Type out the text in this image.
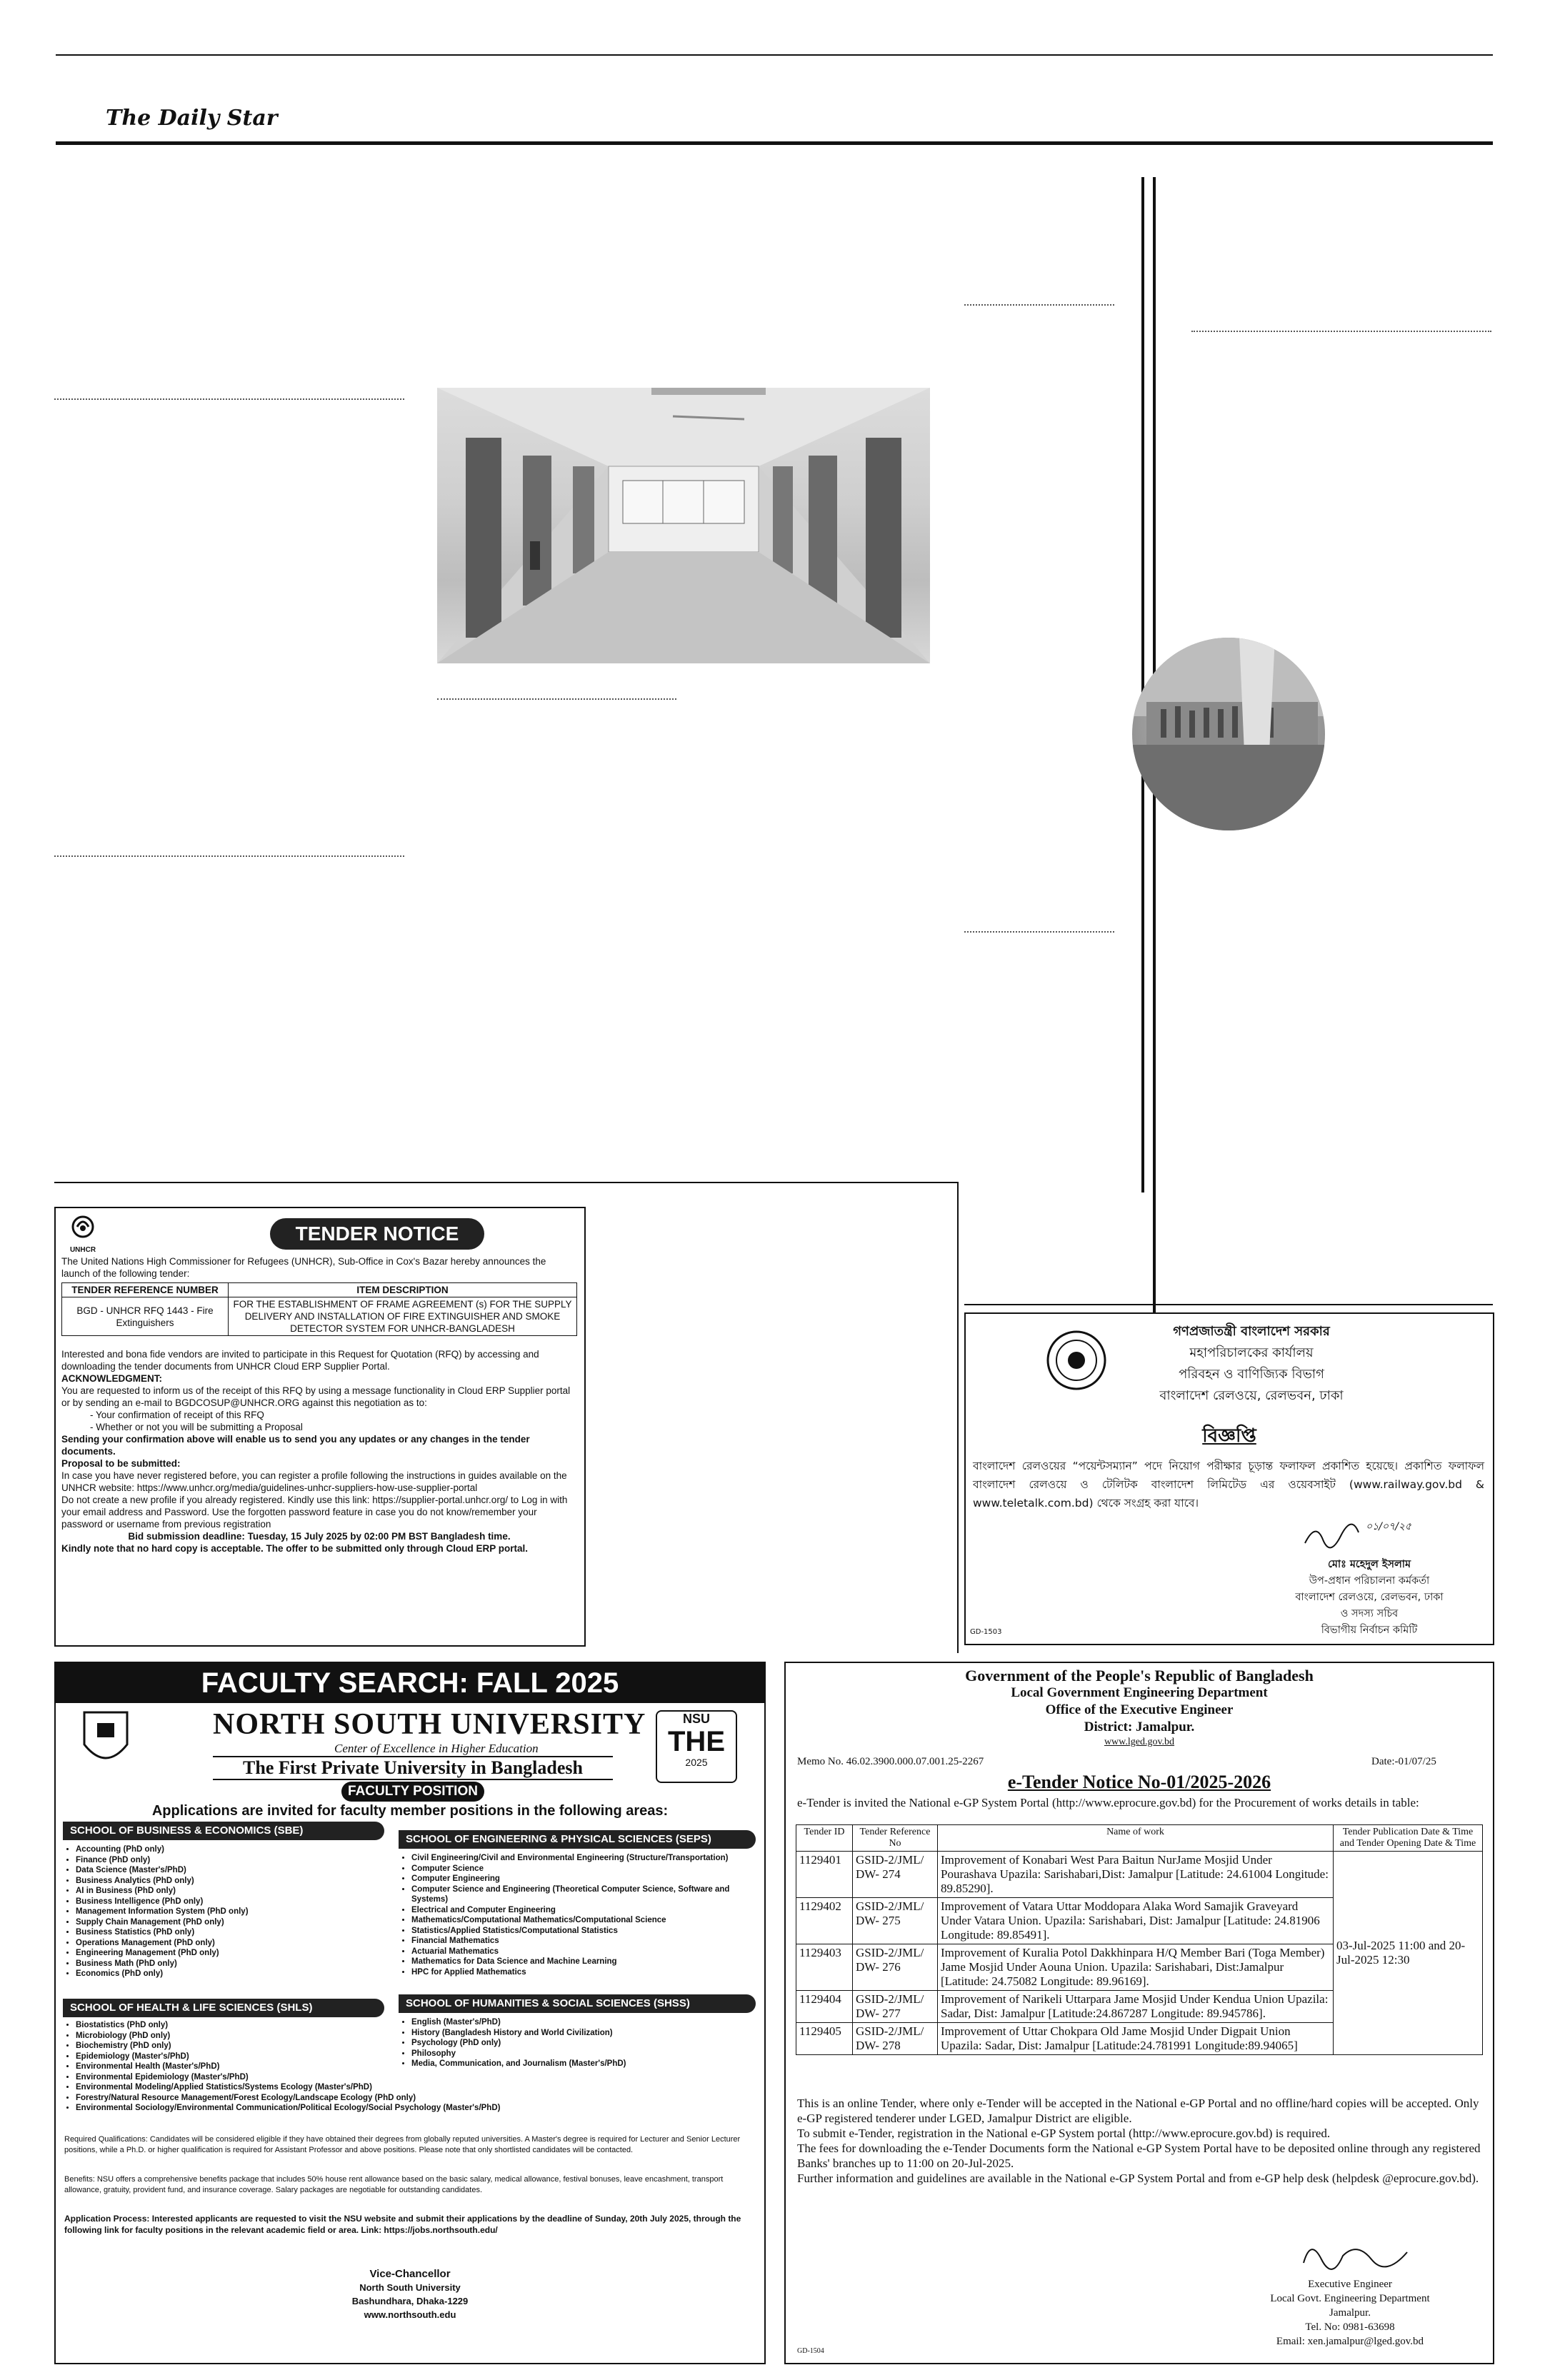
The Daily Star
UNHCR
TENDER NOTICE
The United Nations High Commissioner for Refugees (UNHCR), Sub-Office in Cox's Bazar hereby announces the launch of the following tender:
TENDER REFERENCE NUMBER	ITEM DESCRIPTION
BGD - UNHCR RFQ 1443 - Fire Extinguishers	FOR THE ESTABLISHMENT OF FRAME AGREEMENT (s) FOR THE SUPPLY DELIVERY AND INSTALLATION OF FIRE EXTINGUISHER AND SMOKE DETECTOR SYSTEM FOR UNHCR-BANGLADESH
Interested and bona fide vendors are invited to participate in this Request for Quotation (RFQ) by accessing and downloading the tender documents from UNHCR Cloud ERP Supplier Portal.
ACKNOWLEDGMENT:
You are requested to inform us of the receipt of this RFQ by using a message functionality in Cloud ERP Supplier portal or by sending an e-mail to BGDCOSUP@UNHCR.ORG against this negotiation as to:
- Your confirmation of receipt of this RFQ
- Whether or not you will be submitting a Proposal
Sending your confirmation above will enable us to send you any updates or any changes in the tender documents.
Proposal to be submitted:
In case you have never registered before, you can register a profile following the instructions in guides available on the UNHCR website: https://www.unhcr.org/media/guidelines-unhcr-suppliers-how-use-supplier-portal
Do not create a new profile if you already registered. Kindly use this link: https://supplier-portal.unhcr.org/ to Log in with your email address and Password. Use the forgotten password feature in case you do not know/remember your password or username from previous registration
Bid submission deadline: Tuesday, 15 July 2025 by 02:00 PM BST Bangladesh time.
Kindly note that no hard copy is acceptable. The offer to be submitted only through Cloud ERP portal.
গণপ্রজাতন্ত্রী বাংলাদেশ সরকার
মহাপরিচালকের কার্যালয়
পরিবহন ও বাণিজ্যিক বিভাগ
বাংলাদেশ রেলওয়ে, রেলভবন, ঢাকা
বিজ্ঞপ্তি
বাংলাদেশ রেলওয়ের “পয়েন্টসম্যান” পদে নিয়োগ পরীক্ষার চূড়ান্ত ফলাফল প্রকাশিত হয়েছে। প্রকাশিত ফলাফল বাংলাদেশ রেলওয়ে ও টেলিটক বাংলাদেশ লিমিটেড এর ওয়েবসাইট (www.railway.gov.bd & www.teletalk.com.bd) থেকে সংগ্রহ করা যাবে।
০১/০৭/২৫
মোঃ মহেদুল ইসলাম
উপ-প্রধান পরিচালনা কর্মকর্তা
বাংলাদেশ রেলওয়ে, রেলভবন, ঢাকা
ও সদস্য সচিব
বিভাগীয় নির্বাচন কমিটি
GD-1503
FACULTY SEARCH: FALL 2025
NORTH SOUTH UNIVERSITY
Center of Excellence in Higher Education
The First Private University in Bangladesh
NSU
THE
2025
FACULTY POSITION
Applications are invited for faculty member positions in the following areas:
SCHOOL OF BUSINESS & ECONOMICS (SBE)
• Accounting (PhD only)
• Finance (PhD only)
• Data Science (Master's/PhD)
• Business Analytics (PhD only)
• AI in Business (PhD only)
• Business Intelligence (PhD only)
• Management Information System (PhD only)
• Supply Chain Management (PhD only)
• Business Statistics (PhD only)
• Operations Management (PhD only)
• Engineering Management (PhD only)
• Business Math (PhD only)
• Economics (PhD only)
SCHOOL OF ENGINEERING & PHYSICAL SCIENCES (SEPS)
• Civil Engineering/Civil and Environmental Engineering (Structure/Transportation)
• Computer Science
• Computer Engineering
• Computer Science and Engineering (Theoretical Computer Science, Software and Systems)
• Electrical and Computer Engineering
• Mathematics/Computational Mathematics/Computational Science
• Statistics/Applied Statistics/Computational Statistics
• Financial Mathematics
• Actuarial Mathematics
• Mathematics for Data Science and Machine Learning
• HPC for Applied Mathematics
SCHOOL OF HEALTH & LIFE SCIENCES (SHLS)
• Biostatistics (PhD only)
• Microbiology (PhD only)
• Biochemistry (PhD only)
• Epidemiology (Master's/PhD)
• Environmental Health (Master's/PhD)
• Environmental Epidemiology (Master's/PhD)
• Environmental Modeling/Applied Statistics/Systems Ecology (Master's/PhD)
• Forestry/Natural Resource Management/Forest Ecology/Landscape Ecology (PhD only)
• Environmental Sociology/Environmental Communication/Political Ecology/Social Psychology (Master's/PhD)
SCHOOL OF HUMANITIES & SOCIAL SCIENCES (SHSS)
• English (Master's/PhD)
• History (Bangladesh History and World Civilization)
• Psychology (PhD only)
• Philosophy
• Media, Communication, and Journalism (Master's/PhD)
Required Qualifications: Candidates will be considered eligible if they have obtained their degrees from globally reputed universities. A Master's degree is required for Lecturer and Senior Lecturer positions, while a Ph.D. or higher qualification is required for Assistant Professor and above positions. Please note that only shortlisted candidates will be contacted.
Benefits: NSU offers a comprehensive benefits package that includes 50% house rent allowance based on the basic salary, medical allowance, festival bonuses, leave encashment, transport allowance, gratuity, provident fund, and insurance coverage. Salary packages are negotiable for outstanding candidates.
Application Process: Interested applicants are requested to visit the NSU website and submit their applications by the deadline of Sunday, 20th July 2025, through the following link for faculty positions in the relevant academic field or area. Link: https://jobs.northsouth.edu/
Vice-Chancellor
North South University
Bashundhara, Dhaka-1229
www.northsouth.edu
Government of the People's Republic of Bangladesh
Local Government Engineering Department
Office of the Executive Engineer
District: Jamalpur.
www.lged.gov.bd
Memo No. 46.02.3900.000.07.001.25-2267	Date:-01/07/25
e-Tender Notice No-01/2025-2026
e-Tender is invited the National e-GP System Portal (http://www.eprocure.gov.bd) for the Procurement of works details in table:
Tender ID	Tender Reference No	Name of work	Tender Publication Date & Time and Tender Opening Date & Time
1129401	GSID-2/JML/ DW- 274	Improvement of Konabari West Para Baitun NurJame Mosjid Under Pourashava Upazila: Sarishabari,Dist: Jamalpur [Latitude: 24.61004 Longitude: 89.85290].	03-Jul-2025 11:00 and 20-Jul-2025 12:30
1129402	GSID-2/JML/ DW- 275	Improvement of Vatara Uttar Moddopara Alaka Word Samajik Graveyard Under Vatara Union. Upazila: Sarishabari, Dist: Jamalpur [Latitude: 24.81906 Longitude: 89.85491].	
1129403	GSID-2/JML/ DW- 276	Improvement of Kuralia Potol Dakkhinpara H/Q Member Bari (Toga Member) Jame Mosjid Under Aouna Union. Upazila: Sarishabari, Dist:Jamalpur [Latitude: 24.75082 Longitude: 89.96169].	
1129404	GSID-2/JML/ DW- 277	Improvement of Narikeli Uttarpara Jame Mosjid Under Kendua Union Upazila: Sadar, Dist: Jamalpur [Latitude:24.867287 Longitude: 89.945786].	
1129405	GSID-2/JML/ DW- 278	Improvement of Uttar Chokpara Old Jame Mosjid Under Digpait Union Upazila: Sadar, Dist: Jamalpur [Latitude:24.781991 Longitude:89.94065]	
This is an online Tender, where only e-Tender will be accepted in the National e-GP Portal and no offline/hard copies will be accepted. Only e-GP registered tenderer under LGED, Jamalpur District are eligible.
To submit e-Tender, registration in the National e-GP System portal (http://www.eprocure.gov.bd) is required.
The fees for downloading the e-Tender Documents form the National e-GP System Portal have to be deposited online through any registered Banks' branches up to 11:00 on 20-Jul-2025.
Further information and guidelines are available in the National e-GP System Portal and from e-GP help desk (helpdesk @eprocure.gov.bd).
Executive Engineer
Local Govt. Engineering Department
Jamalpur.
Tel. No: 0981-63698
Email: xen.jamalpur@lged.gov.bd
GD-1504
